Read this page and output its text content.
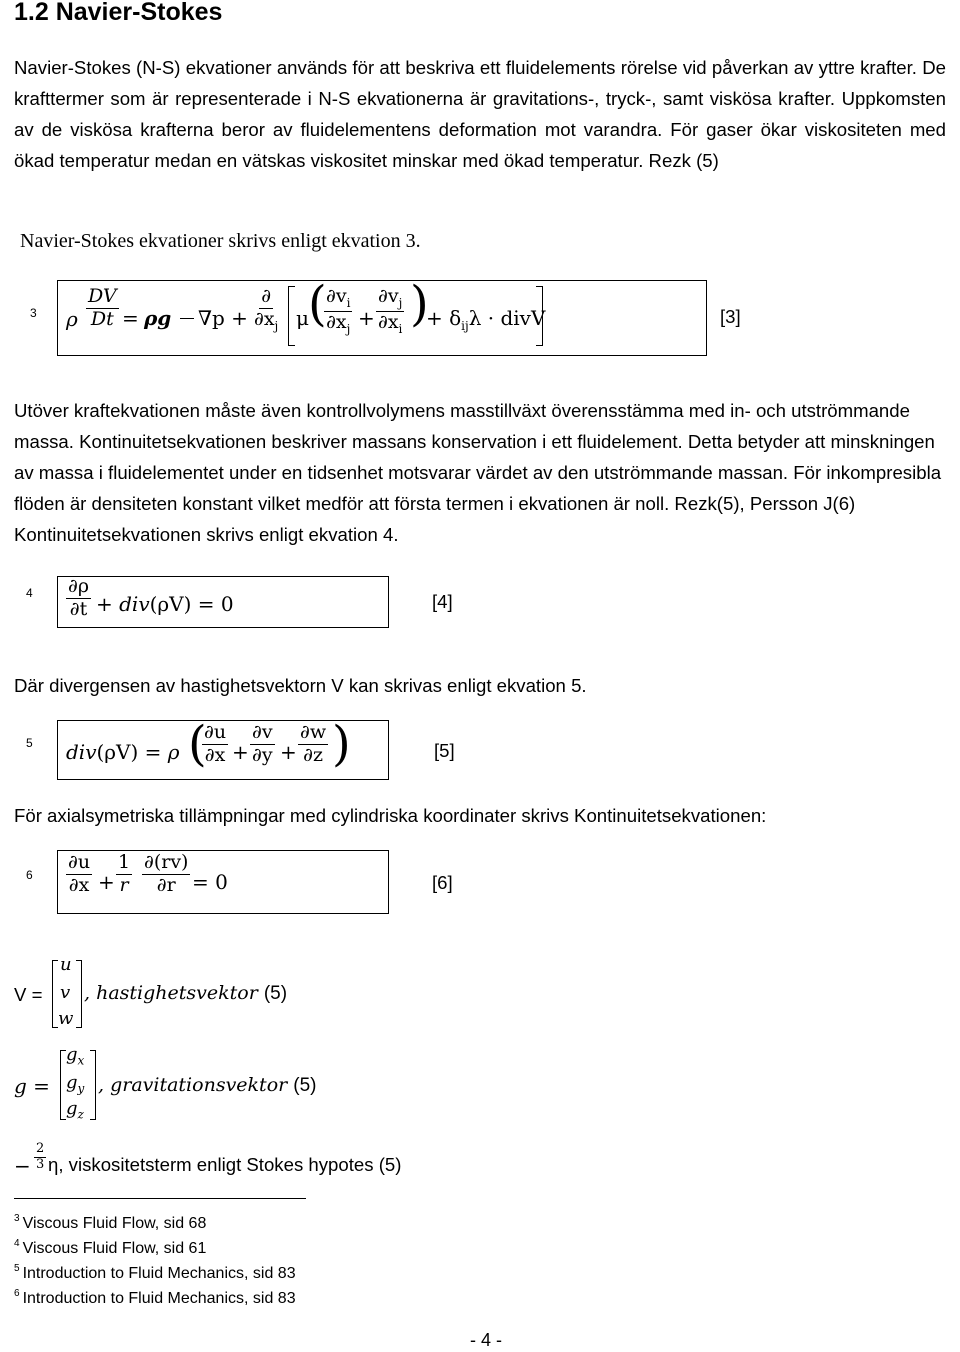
1.2 Navier-Stokes
Navier-Stokes (N-S) ekvationer används för att beskriva ett fluidelements rörelse vid påverkan av yttre krafter. De krafttermer som är representerade i N-S ekvationerna är gravitations-, tryck-, samt viskösa krafter. Uppkomsten av de viskösa krafterna beror av fluidelementens deformation mot varandra. För gaser ökar viskositeten med ökad temperatur medan en vätskas viskositet minskar med ökad temperatur. Rezk (5)
Navier-Stokes ekvationer skrivs enligt ekvation 3.
3 ρ $\frac{DV}{Dt} = \rho g$ $\nabla p + \frac{\partial}{\partial x_j}$ μ (
$\frac{\partial v_i}{\partial x_j} + \frac{\partial v_j}{\partial x_i}$ )
+ $\delta_{ij}\lambda$ · divV	[3]
Utöver kraftekvationen måste även kontrollvolymens masstillväxt överensstämma med in- och utströmmande massa. Kontinuitetsekvationen beskriver massans konservation i ett fluidelement. Detta betyder att minskningen av massa i fluidelementet under en tidsenhet motsvarar värdet av den utströmmande massan. För inkompresibla flöden är densiteten konstant vilket medför att första termen i ekvationen är noll. Rezk(5), Persson J(6) Kontinuitetsekvationen skrivs enligt ekvation 4.
$4 \frac{\partial\rho}{\partial t} + div(\rho V) = 0$	[4]
Där divergensen av hastighetsvektorn V kan skrivas enligt ekvation 5.
5 div(ρV) = ρ (
$\frac{\partial u}{\partial x} + \frac{\partial v}{\partial y} + \frac{\partial w}{\partial z}$ )	[5]
För axialsymetriska tillämpningar med cylindriska koordinater skrivs Kontinuitetsekvationen:
$6 \frac{\partial u}{\partial x} + \frac{1}{r} \frac{\partial(rv)}{\partial r} = 0$	[6]
V =
u
v
w
, hastighetsvektor (5)
g =
$g_x$
$g_y$
$g_z$
, gravitationsvektor (5)
− $\frac{2}{3} \eta$, viskositetsterm enligt Stokes hypotes (5)
$^3$ Viscous Fluid Flow, sid 68
$^4$ Viscous Fluid Flow, sid 61
$^5$ Introduction to Fluid Mechanics, sid 83
$^6$ Introduction to Fluid Mechanics, sid 83
- 4 -
